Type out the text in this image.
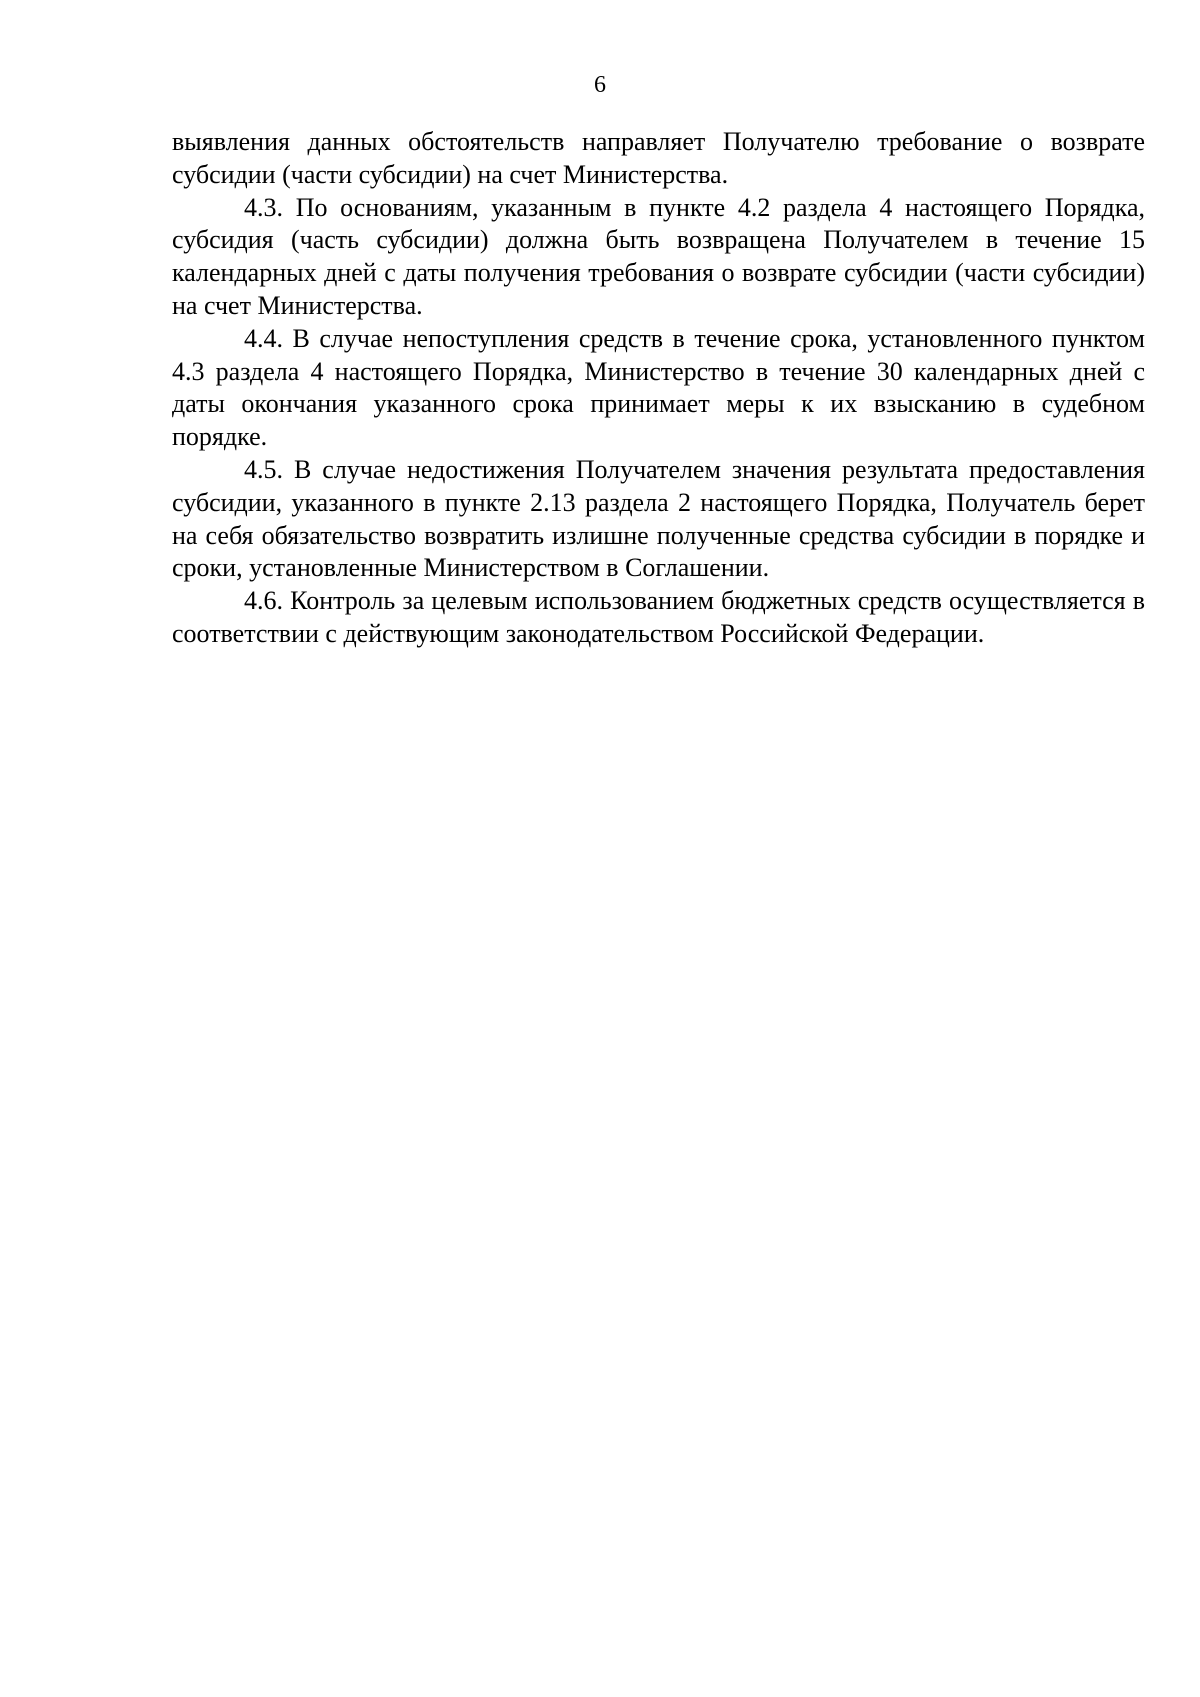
6

выявления данных обстоятельств направляет Получателю требование о возврате субсидии (части субсидии) на счет Министерства.

4.3. По основаниям, указанным в пункте 4.2 раздела 4 настоящего Порядка, субсидия (часть субсидии) должна быть возвращена Получателем в течение 15 календарных дней с даты получения требования о возврате субсидии (части субсидии) на счет Министерства.

4.4. В случае непоступления средств в течение срока, установленного пунктом 4.3 раздела 4 настоящего Порядка, Министерство в течение 30 календарных дней с даты окончания указанного срока принимает меры к их взысканию в судебном порядке.

4.5. В случае недостижения Получателем значения результата предоставления субсидии, указанного в пункте 2.13 раздела 2 настоящего Порядка, Получатель берет на себя обязательство возвратить излишне полученные средства субсидии в порядке и сроки, установленные Министерством в Соглашении.

4.6. Контроль за целевым использованием бюджетных средств осуществляется в соответствии с действующим законодательством Российской Федерации.
